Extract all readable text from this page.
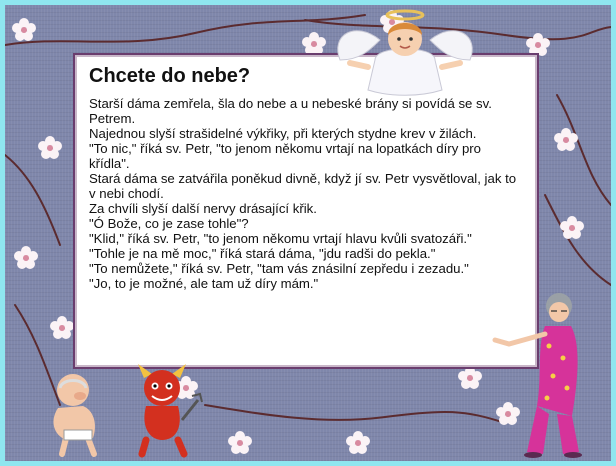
Chcete do nebe?

Starší dáma zemřela, šla do nebe a u nebeské brány si povídá se sv. Petrem.

Najednou slyší strašidelné výkřiky, při kterých stydne krev v žilách.

"To nic," říká sv. Petr, "to jenom někomu vrtají na lopatkách díry pro křídla".

Stará dáma se zatvářila poněkud divně, když jí sv. Petr vysvětloval, jak to v nebi chodí.

Za chvíli slyší další nervy drásající křik.

"Ó Bože, co je zase tohle"?

"Klid," říká sv. Petr, "to jenom někomu vrtají hlavu kvůli svatozáři."

"Tohle je na mě moc," říká stará dáma, "jdu radši do pekla."

"To nemůžete," říká sv. Petr, "tam vás znásilní zepředu i zezadu."

"Jo, to je možné, ale tam už díry mám."
